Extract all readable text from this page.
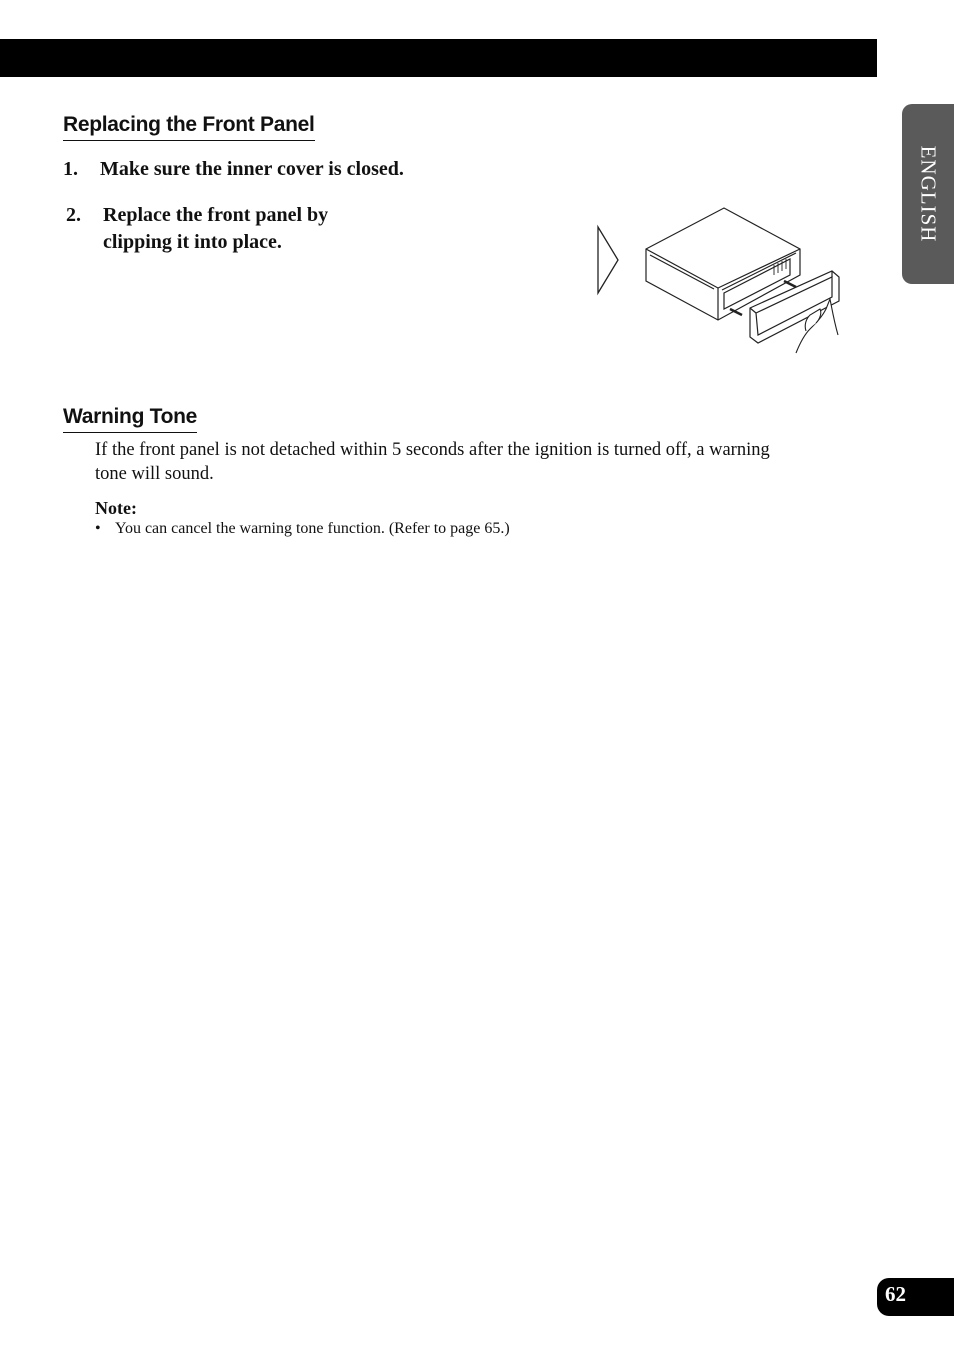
ENGLISH
Replacing the Front Panel
1. Make sure the inner cover is closed.
2. Replace the front panel by
clipping it into place.
Warning Tone
If the front panel is not detached within 5 seconds after the ignition is turned off, a warning
tone will sound.
Note:
• You can cancel the warning tone function. (Refer to page 65.)
62
